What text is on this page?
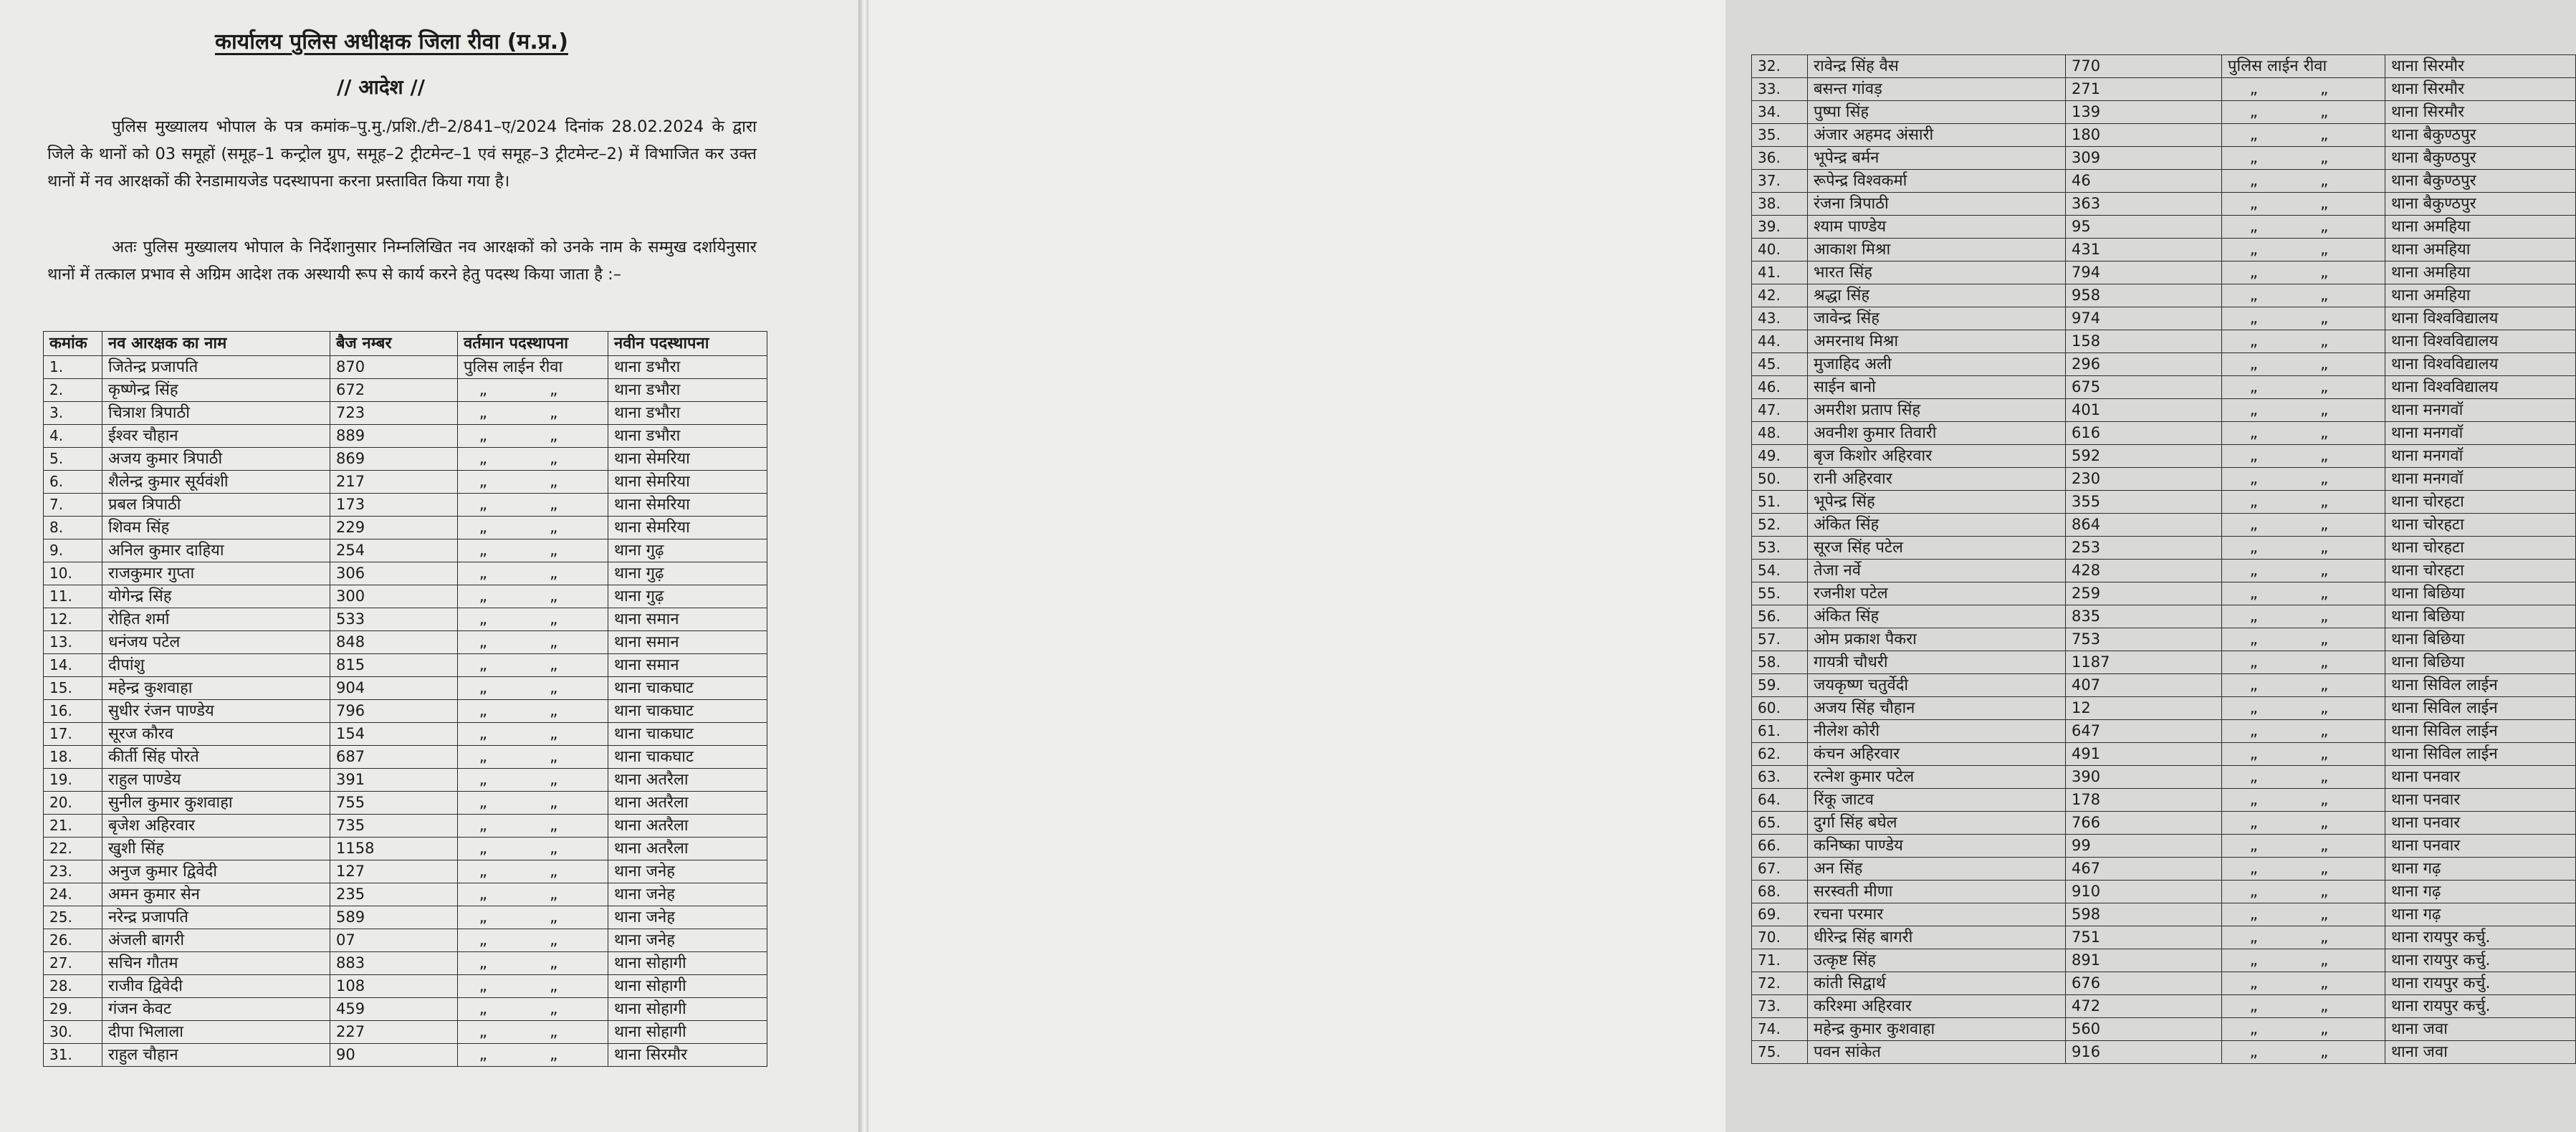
कार्यालय पुलिस अधीक्षक जिला रीवा (म.प्र.)
// आदेश //

पुलिस मुख्यालय भोपाल के पत्र कमांक–पु.मु./प्रशि./टी–2/841–ए/2024 दिनांक 28.02.2024 के द्वारा जिले के थानों को 03 समूहों (समूह–1 कन्ट्रोल ग्रुप, समूह–2 ट्रीटमेन्ट–1 एवं समूह–3 ट्रीटमेन्ट–2) में विभाजित कर उक्त थानों में नव आरक्षकों की रेनडामायजेड पदस्थापना करना प्रस्तावित किया गया है।

अतः पुलिस मुख्यालय भोपाल के निर्देशानुसार निम्नलिखित नव आरक्षकों को उनके नाम के सम्मुख दर्शायेनुसार थानों में तत्काल प्रभाव से अग्रिम आदेश तक अस्थायी रूप से कार्य करने हेतु पदस्थ किया जाता है :–

कमांक	नव आरक्षक का नाम	बैज नम्बर	वर्तमान पदस्थापना	नवीन पदस्थापना
1.	जितेन्द्र प्रजापति	870	पुलिस लाईन रीवा	थाना डभौरा
2.	कृष्णेन्द्र सिंह	672	„ „	थाना डभौरा
3.	चित्राश त्रिपाठी	723	„ „	थाना डभौरा
4.	ईश्वर चौहान	889	„ „	थाना डभौरा
5.	अजय कुमार त्रिपाठी	869	„ „	थाना सेमरिया
6.	शैलेन्द्र कुमार सूर्यवंशी	217	„ „	थाना सेमरिया
7.	प्रबल त्रिपाठी	173	„ „	थाना सेमरिया
8.	शिवम सिंह	229	„ „	थाना सेमरिया
9.	अनिल कुमार दाहिया	254	„ „	थाना गुढ़
10.	राजकुमार गुप्ता	306	„ „	थाना गुढ़
11.	योगेन्द्र सिंह	300	„ „	थाना गुढ़
12.	रोहित शर्मा	533	„ „	थाना समान
13.	धनंजय पटेल	848	„ „	थाना समान
14.	दीपांशु	815	„ „	थाना समान
15.	महेन्द्र कुशवाहा	904	„ „	थाना चाकघाट
16.	सुधीर रंजन पाण्डेय	796	„ „	थाना चाकघाट
17.	सूरज कौरव	154	„ „	थाना चाकघाट
18.	कीर्ती सिंह पोरते	687	„ „	थाना चाकघाट
19.	राहुल पाण्डेय	391	„ „	थाना अतरैला
20.	सुनील कुमार कुशवाहा	755	„ „	थाना अतरैला
21.	बृजेश अहिरवार	735	„ „	थाना अतरैला
22.	खुशी सिंह	1158	„ „	थाना अतरैला
23.	अनुज कुमार द्विवेदी	127	„ „	थाना जनेह
24.	अमन कुमार सेन	235	„ „	थाना जनेह
25.	नरेन्द्र प्रजापति	589	„ „	थाना जनेह
26.	अंजली बागरी	07	„ „	थाना जनेह
27.	सचिन गौतम	883	„ „	थाना सोहागी
28.	राजीव द्विवेदी	108	„ „	थाना सोहागी
29.	गंजन केवट	459	„ „	थाना सोहागी
30.	दीपा भिलाला	227	„ „	थाना सोहागी
31.	राहुल चौहान	90	„ „	थाना सिरमौर
32.	रावेन्द्र सिंह वैस	770	पुलिस लाईन रीवा	थाना सिरमौर
33.	बसन्त गांवड़	271	„ „	थाना सिरमौर
34.	पुष्पा सिंह	139	„ „	थाना सिरमौर
35.	अंजार अहमद अंसारी	180	„ „	थाना बैकुण्ठपुर
36.	भूपेन्द्र बर्मन	309	„ „	थाना बैकुण्ठपुर
37.	रूपेन्द्र विश्वकर्मा	46	„ „	थाना बैकुण्ठपुर
38.	रंजना त्रिपाठी	363	„ „	थाना बैकुण्ठपुर
39.	श्याम पाण्डेय	95	„ „	थाना अमहिया
40.	आकाश मिश्रा	431	„ „	थाना अमहिया
41.	भारत सिंह	794	„ „	थाना अमहिया
42.	श्रद्धा सिंह	958	„ „	थाना अमहिया
43.	जावेन्द्र सिंह	974	„ „	थाना विश्वविद्यालय
44.	अमरनाथ मिश्रा	158	„ „	थाना विश्वविद्यालय
45.	मुजाहिद अली	296	„ „	थाना विश्वविद्यालय
46.	साईन बानो	675	„ „	थाना विश्वविद्यालय
47.	अमरीश प्रताप सिंह	401	„ „	थाना मनगवॉ
48.	अवनीश कुमार तिवारी	616	„ „	थाना मनगवॉ
49.	बृज किशोर अहिरवार	592	„ „	थाना मनगवॉ
50.	रानी अहिरवार	230	„ „	थाना मनगवॉ
51.	भूपेन्द्र सिंह	355	„ „	थाना चोरहटा
52.	अंकित सिंह	864	„ „	थाना चोरहटा
53.	सूरज सिंह पटेल	253	„ „	थाना चोरहटा
54.	तेजा नर्वे	428	„ „	थाना चोरहटा
55.	रजनीश पटेल	259	„ „	थाना बिछिया
56.	अंकित सिंह	835	„ „	थाना बिछिया
57.	ओम प्रकाश पैकरा	753	„ „	थाना बिछिया
58.	गायत्री चौधरी	1187	„ „	थाना बिछिया
59.	जयकृष्ण चतुर्वेदी	407	„ „	थाना सिविल लाईन
60.	अजय सिंह चौहान	12	„ „	थाना सिविल लाईन
61.	नीलेश कोरी	647	„ „	थाना सिविल लाईन
62.	कंचन अहिरवार	491	„ „	थाना सिविल लाईन
63.	रत्नेश कुमार पटेल	390	„ „	थाना पनवार
64.	रिंकू जाटव	178	„ „	थाना पनवार
65.	दुर्गा सिंह बघेल	766	„ „	थाना पनवार
66.	कनिष्का पाण्डेय	99	„ „	थाना पनवार
67.	अन सिंह	467	„ „	थाना गढ़
68.	सरस्वती मीणा	910	„ „	थाना गढ़
69.	रचना परमार	598	„ „	थाना गढ़
70.	धीरेन्द्र सिंह बागरी	751	„ „	थाना रायपुर कर्चु.
71.	उत्कृष्ट सिंह	891	„ „	थाना रायपुर कर्चु.
72.	कांती सिद्वार्थ	676	„ „	थाना रायपुर कर्चु.
73.	करिश्मा अहिरवार	472	„ „	थाना रायपुर कर्चु.
74.	महेन्द्र कुमार कुशवाहा	560	„ „	थाना जवा
75.	पवन सांकेत	916	„ „	थाना जवा
